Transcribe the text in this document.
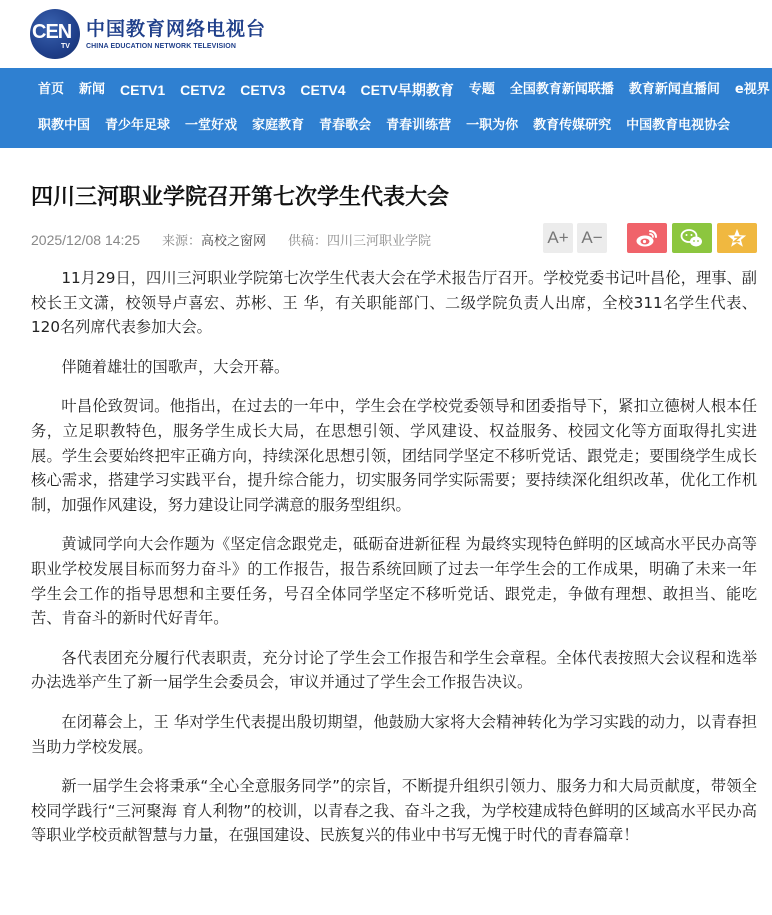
CEN
TV
中国教育网络电视台
CHINA EDUCATION NETWORK TELEVISION
首页 新闻 CETV1 CETV2 CETV3 CETV4 CETV早期教育 专题 全国教育新闻联播 教育新闻直播间 e视界
职教中国 青少年足球 一堂好戏 家庭教育 青春歌会 青春训练营 一职为你 教育传媒研究 中国教育电视协会
四川三河职业学院召开第七次学生代表大会
2025/12/08 14:25 来源：高校之窗网 供稿：四川三河职业学院	A+ A−

11月29日，四川三河职业学院第七次学生代表大会在学术报告厅召开。学校党委书记叶昌伦，理事、副校长王文潇，校领导卢喜宏、苏彬、王 华，有关职能部门、二级学院负责人出席，全校311名学生代表、120名列席代表参加大会。

伴随着雄壮的国歌声，大会开幕。

叶昌伦致贺词。他指出，在过去的一年中，学生会在学校党委领导和团委指导下，紧扣立德树人根本任务，立足职教特色，服务学生成长大局，在思想引领、学风建设、权益服务、校园文化等方面取得扎实进展。学生会要始终把牢正确方向，持续深化思想引领，团结同学坚定不移听党话、跟党走；要围绕学生成长核心需求，搭建学习实践平台，提升综合能力，切实服务同学实际需要；要持续深化组织改革，优化工作机制，加强作风建设，努力建设让同学满意的服务型组织。

黄诚同学向大会作题为《坚定信念跟党走，砥砺奋进新征程 为最终实现特色鲜明的区域高水平民办高等职业学校发展目标而努力奋斗》的工作报告，报告系统回顾了过去一年学生会的工作成果，明确了未来一年学生会工作的指导思想和主要任务，号召全体同学坚定不移听党话、跟党走，争做有理想、敢担当、能吃苦、肯奋斗的新时代好青年。

各代表团充分履行代表职责，充分讨论了学生会工作报告和学生会章程。全体代表按照大会议程和选举办法选举产生了新一届学生会委员会，审议并通过了学生会工作报告决议。

在闭幕会上，王 华对学生代表提出殷切期望，他鼓励大家将大会精神转化为学习实践的动力，以青春担当助力学校发展。

新一届学生会将秉承“全心全意服务同学”的宗旨，不断提升组织引领力、服务力和大局贡献度，带领全校同学践行“三河聚海 育人利物”的校训，以青春之我、奋斗之我，为学校建成特色鲜明的区域高水平民办高等职业学校贡献智慧与力量，在强国建设、民族复兴的伟业中书写无愧于时代的青春篇章！
